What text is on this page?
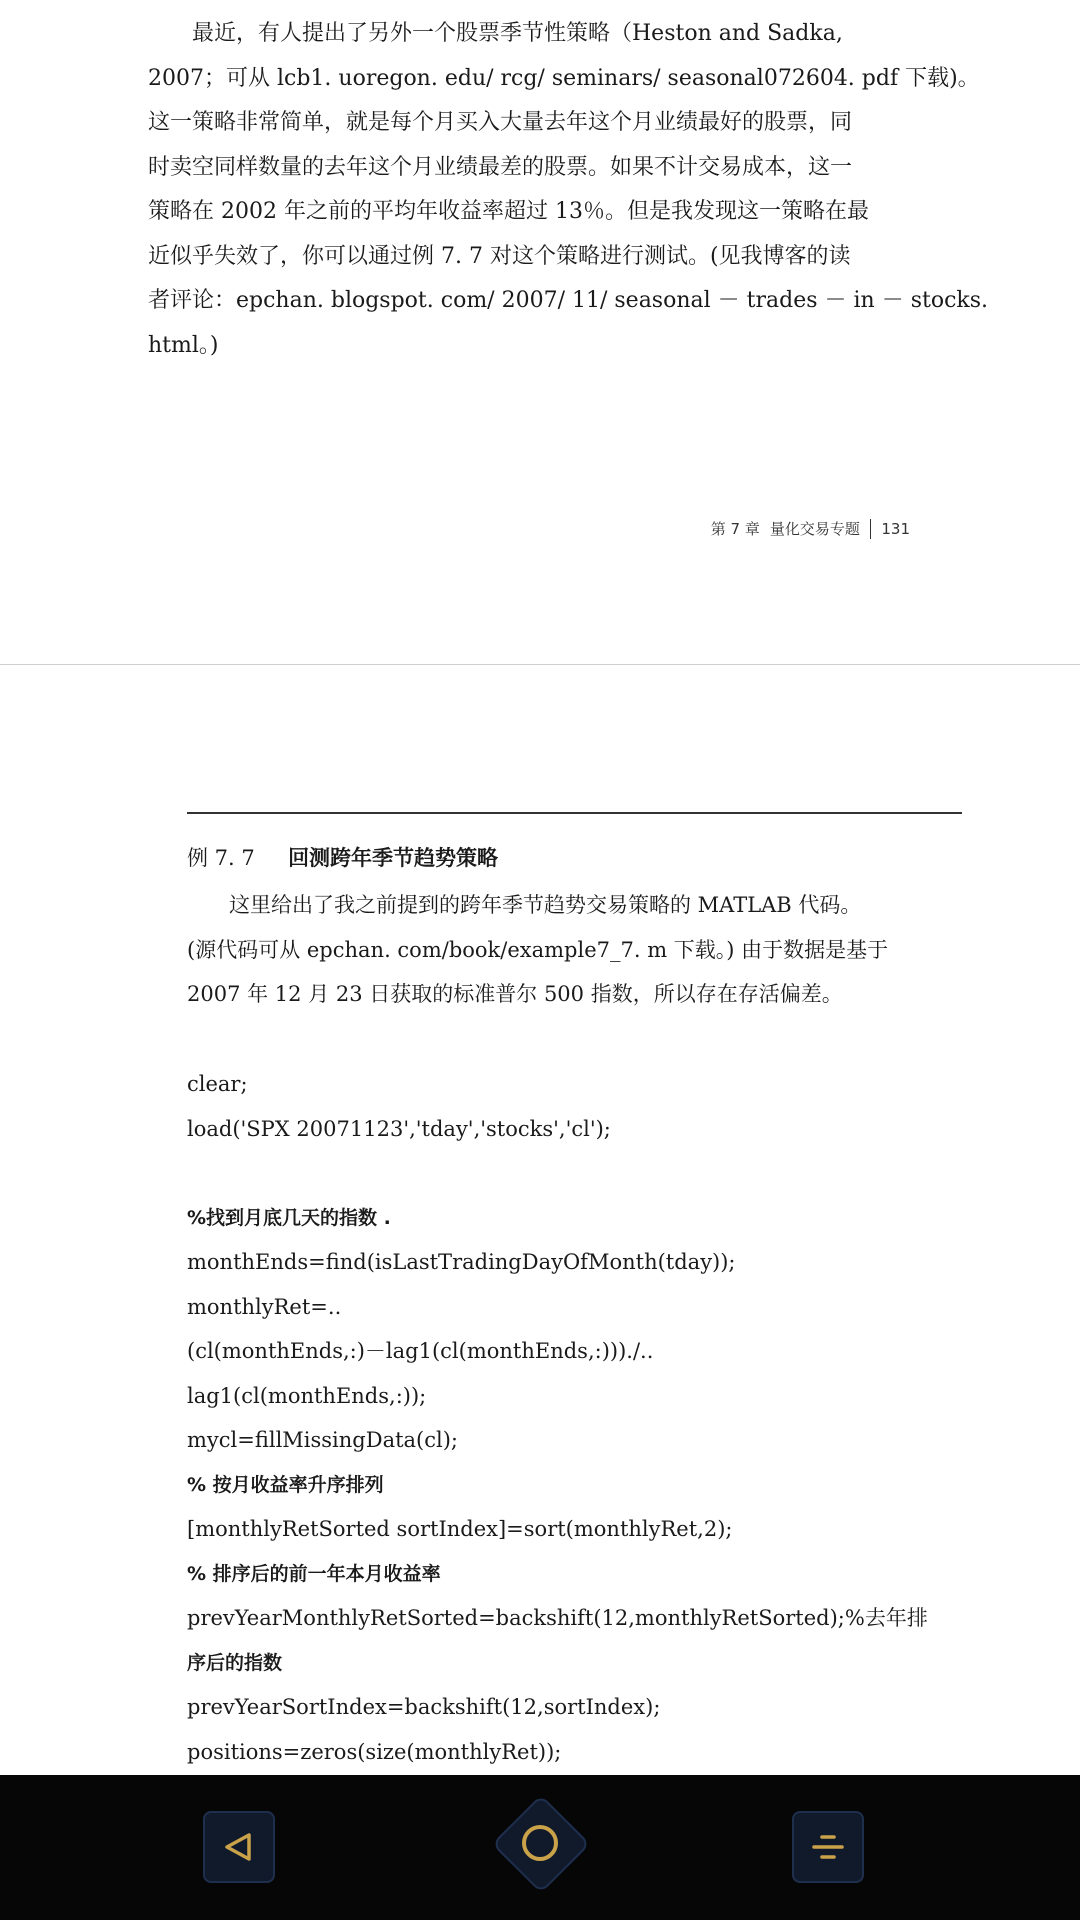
　　最近，有人提出了另外一个股票季节性策略（Heston and Sadka,
2007；可从 lcb1. uoregon. edu/ rcg/ seminars/ seasonal072604. pdf 下载)。
这一策略非常简单，就是每个月买入大量去年这个月业绩最好的股票，同
时卖空同样数量的去年这个月业绩最差的股票。如果不计交易成本，这一
策略在 2002 年之前的平均年收益率超过 13％。但是我发现这一策略在最
近似乎失效了，你可以通过例 7. 7 对这个策略进行测试。(见我博客的读
者评论：epchan. blogspot. com/ 2007/ 11/ seasonal － trades － in － stocks.
html。)
第 7 章 量化交易专题 131
例 7. 7 回测跨年季节趋势策略
　　这里给出了我之前提到的跨年季节趋势交易策略的 MATLAB 代码。
(源代码可从 epchan. com/book/example7_7. m 下载。) 由于数据是基于
2007 年 12 月 23 日获取的标准普尔 500 指数，所以存在存活偏差。
clear;
load('SPX 20071123','tday','stocks','cl');
%找到月底几天的指数 .
monthEnds=find(isLastTradingDayOfMonth(tday));
monthlyRet=..
(cl(monthEnds,:)－lag1(cl(monthEnds,:)))./..
lag1(cl(monthEnds,:));
mycl=fillMissingData(cl);
% 按月收益率升序排列
[monthlyRetSorted sortIndex]=sort(monthlyRet,2);
% 排序后的前一年本月收益率
prevYearMonthlyRetSorted=backshift(12,monthlyRetSorted);%去年排
序后的指数
prevYearSortIndex=backshift(12,sortIndex);
positions=zeros(size(monthlyRet));
